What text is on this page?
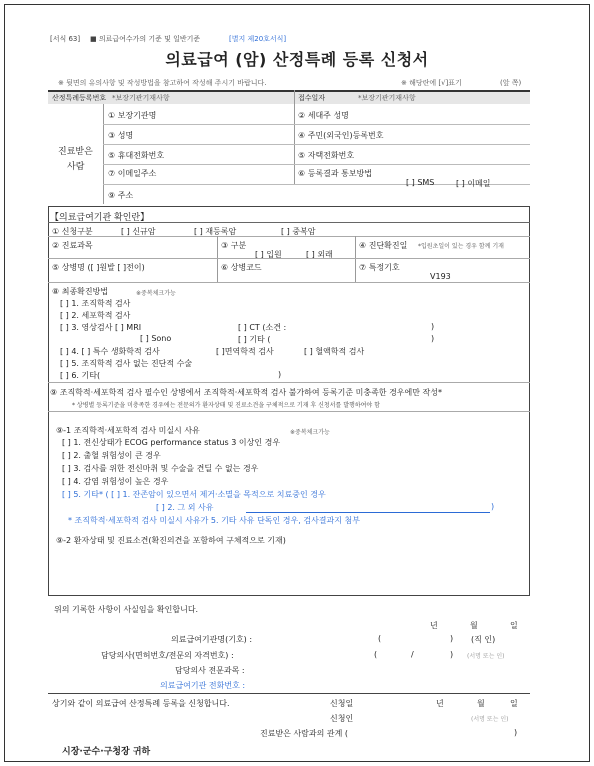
[서식 63] ■ 의료급여수가의 기준 및 일반기준	[별지 제20호서식]
의료급여 (암) 산정특례 등록 신청서
※ 뒷면의 유의사항 및 작성방법을 참고하여 작성해 주시기 바랍니다.	※ 해당란에 [√]표기	(앞 쪽)
산정특례등록번호 *보장기관기재사항	접수일자	*보장기관기재사항
진료받은
사람
① 보장기관명	② 세대주 성명
③ 성명	④ 주민(외국인)등록번호
⑤ 휴대전화번호	⑤ 자택전화번호
⑦ 이메일주소	⑥ 등록결과 통보방법
[ ] SMS	[ ] 이메일
⑨ 주소
【의료급여기관 확인란】
① 신청구분	[ ] 신규암	[ ] 재등록암	[ ] 중복암
② 진료과목	③ 구분
[ ] 입원	[ ] 외래
④ 진단확진일 *입원초일이 있는 경우 함께 기재
⑤ 상병명 ([ ]원발 [ ]전이)	⑥ 상병코드	⑦ 특정기호
V193
⑧ 최종확진방법	※중복체크가능
[ ] 1. 조직학적 검사
[ ] 2. 세포학적 검사
[ ] 3. 영상검사 [ ] MRI	[ ] CT (소견 :	)
[ ] Sono	[ ] 기타 (	)
[ ] 4. [ ] 특수 생화학적 검사	[ ]면역학적 검사	[ ] 혈액학적 검사
[ ] 5. 조직학적 검사 없는 진단적 수술
[ ] 6. 기타(	)
⑨ 조직학적·세포학적 검사 필수인 상병에서 조직학적·세포학적 검사 불가하여 등록기준 미충족한 경우에만 작성*
* 상병별 등록기준을 미충족한 경우에는 전문의가 환자상태 및 진료소견을 구체적으로 기재 후 신청서를 발행하여야 함
⑨-1 조직학적·세포학적 검사 미실시 사유	※중복체크가능
[ ] 1. 전신상태가 ECOG performance status 3 이상인 경우
[ ] 2. 출혈 위험성이 큰 경우
[ ] 3. 검사를 위한 전신마취 및 수술을 견딜 수 없는 경우
[ ] 4. 감염 위험성이 높은 경우
[ ] 5. 기타* ( [ ] 1. 잔존암이 있으면서 제거·소멸을 목적으로 치료중인 경우
[ ] 2. 그 외 사유	)
* 조직학적·세포학적 검사 미실시 사유가 5. 기타 사유 단독인 경우, 검사결과지 첨부
⑨-2 환자상태 및 진료소견(확진의견을 포함하여 구체적으로 기재)
위의 기록한 사항이 사실임을 확인합니다.
년	월	일
의료급여기관명(기호) :	(	) (직 인)
담당의사(면허번호/전문의 자격번호) :	(	/	) (서명 또는 인)
담당의사 전문과목 :
의료급여기관 전화번호 :
상기와 같이 의료급여 산정특례 등록을 신청합니다.	신청일	년	월	일
신청인	(서명 또는 인)
진료받은 사람과의 관계 (	)
시장·군수·구청장 귀하
